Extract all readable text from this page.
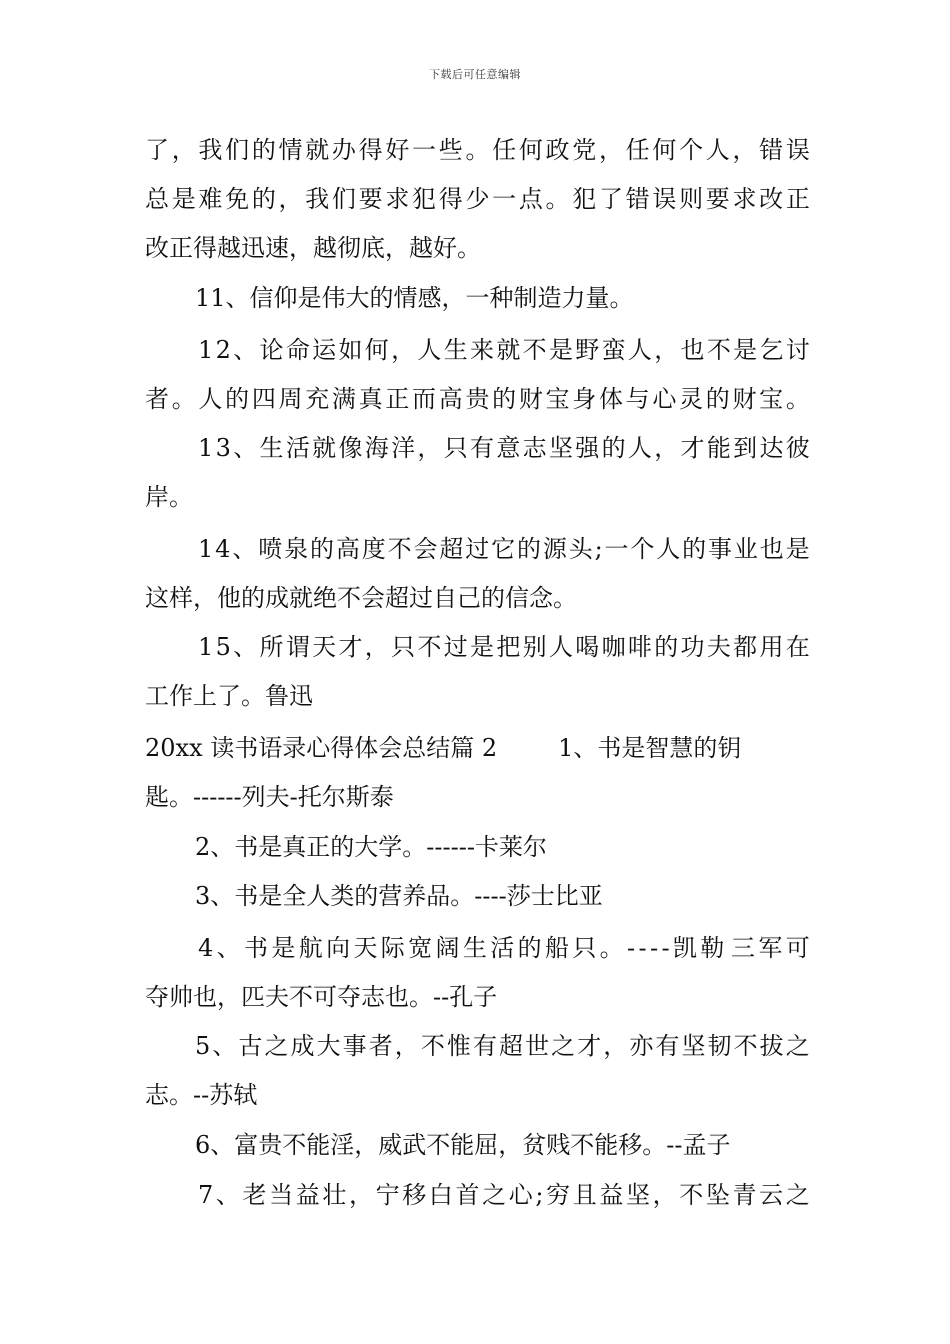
下载后可任意编辑
了 ， 我 们 的 情 就 办 得 好 一 些 。 任 何 政 党 ， 任 何 个 人 ， 错 误
总 是 难 免 的 ， 我 们 要 求 犯 得 少 一 点 。 犯 了 错 误 则 要 求 改 正
改正得越迅速，越彻底，越好。
11、信仰是伟大的情感，一种制造力量。
1 2 、 论 命 运 如 何 ， 人 生 来 就 不 是 野 蛮 人 ， 也 不 是 乞 讨
者 。 人 的 四 周 充 满 真 正 而 高 贵 的 财 宝 身 体 与 心 灵 的 财 宝 。
1 3 、 生 活 就 像 海 洋 ， 只 有 意 志 坚 强 的 人 ， 才 能 到 达 彼
岸。
1 4 、 喷 泉 的 高 度 不 会 超 过 它 的 源 头 ; 一 个 人 的 事 业 也 是
这样，他的成就绝不会超过自己的信念。
1 5 、 所 谓 天 才 ， 只 不 过 是 把 别 人 喝 咖 啡 的 功 夫 都 用 在
工作上了。鲁迅
20xx 读书语录心得体会总结篇 2        1、书是智慧的钥
匙。------列夫-托尔斯泰
2、书是真正的大学。------卡莱尔
3、书是全人类的营养品。----莎士比亚
4 、 书 是 航 向 天 际 宽 阔 生 活 的 船 只 。 - - - - 凯 勒 三 军 可
夺帅也，匹夫不可夺志也。--孔子
5 、 古 之 成 大 事 者 ， 不 惟 有 超 世 之 才 ， 亦 有 坚 韧 不 拔 之
志。--苏轼
6、富贵不能淫，威武不能屈，贫贱不能移。--孟子
7 、 老 当 益 壮 ， 宁 移 白 首 之 心 ; 穷 且 益 坚 ， 不 坠 青 云 之
